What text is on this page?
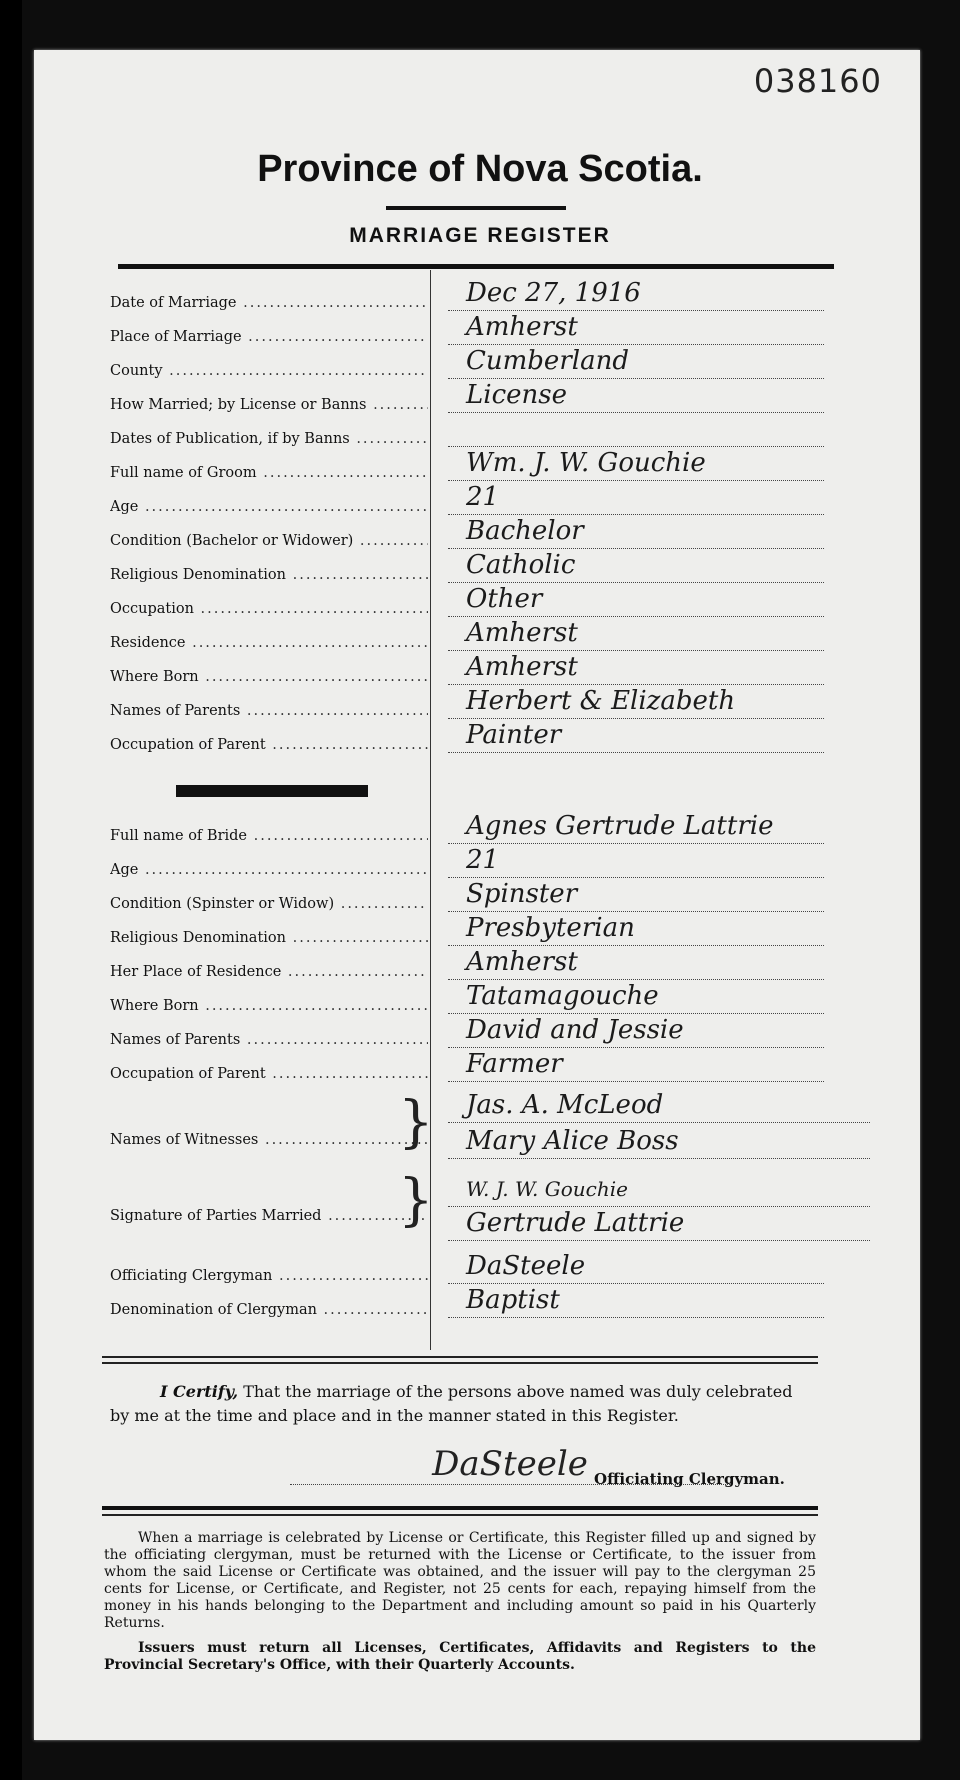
038160
Province of Nova Scotia.
MARRIAGE REGISTER
Date of Marriage .....	Dec 27, 1916
Place of Marriage .....	Amherst
County .....	Cumberland
How Married; by License or Banns .....	License
Dates of Publication, if by Banns .....
Full name of Groom .....	Wm. J. W. Gouchie
Age .....	21
Condition (Bachelor or Widower) .....	Bachelor
Religious Denomination .....	Catholic
Occupation .....	Other
Residence .....	Amherst
Where Born .....	Amherst
Names of Parents .....	Herbert & Elizabeth
Occupation of Parent .....	Painter
Full name of Bride .....	Agnes Gertrude Lattrie
Age .....	21
Condition (Spinster or Widow) .....	Spinster
Religious Denomination .....	Presbyterian
Her Place of Residence .....	Amherst
Where Born .....	Tatamagouche
Names of Parents .....	David and Jessie
Occupation of Parent .....	Farmer
Names of Witnesses .....	}	Jas. A. McLeod
Mary Alice Boss
Signature of Parties Married .....	}	W. J. W. Gouchie
Gertrude Lattrie
Officiating Clergyman .....	DaSteele
Denomination of Clergyman .....	Baptist
I Certify, That the marriage of the persons above named was duly celebrated by me at the time and place and in the manner stated in this Register.
DaSteele Officiating Clergyman.
When a marriage is celebrated by License or Certificate, this Register filled up and signed by the officiating clergyman, must be returned with the License or Certificate, to the issuer from whom the said License or Certificate was obtained, and the issuer will pay to the clergyman 25 cents for License, or Certificate, and Register, not 25 cents for each, repaying himself from the money in his hands belonging to the Department and including amount so paid in his Quarterly Returns.
Issuers must return all Licenses, Certificates, Affidavits and Registers to the Provincial Secretary's Office, with their Quarterly Accounts.
